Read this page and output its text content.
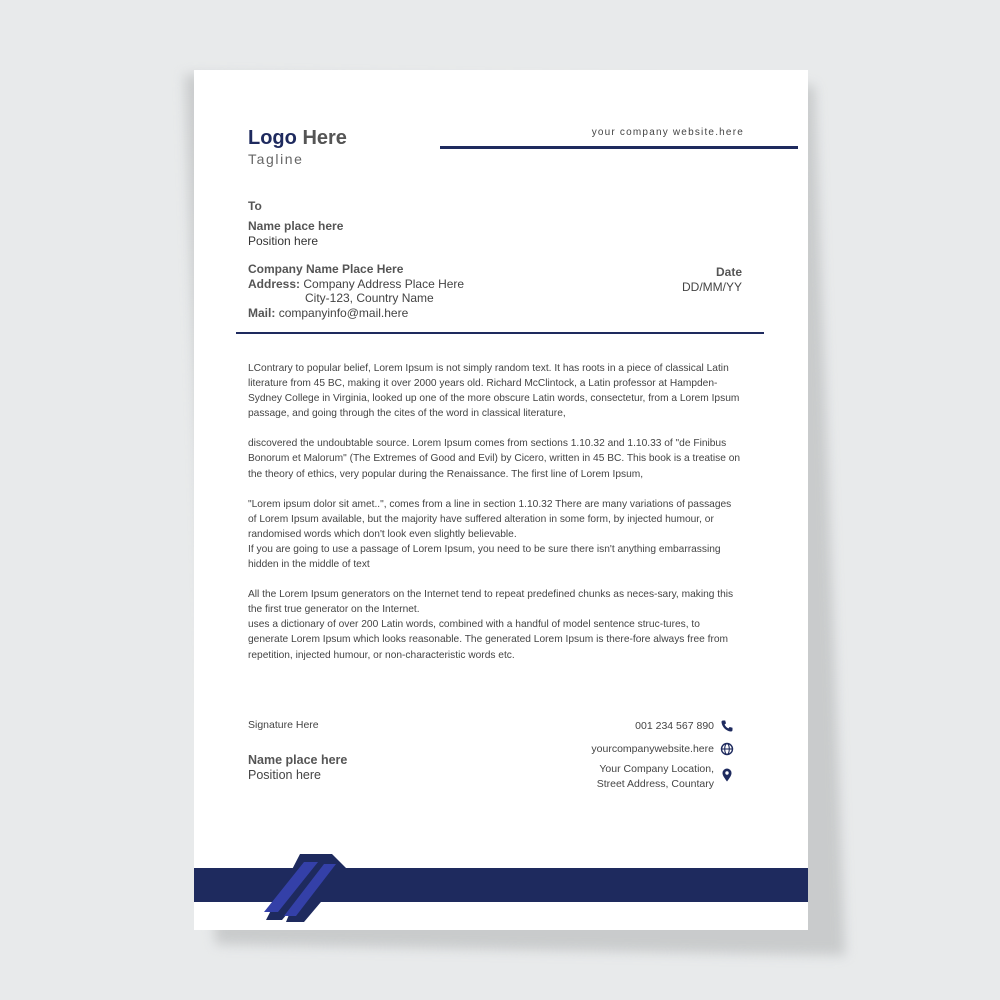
Logo Here
Tagline
your company website.here
To
Name place here
Position here
Company Name Place Here
Address: Company Address Place Here
City-123, Country Name
Mail: companyinfo@mail.here
Date
DD/MM/YY

LContrary to popular belief, Lorem Ipsum is not simply random text. It has roots in a piece of classical Latin literature from 45 BC, making it over 2000 years old. Richard McClintock, a Latin professor at Hampden-Sydney College in Virginia, looked up one of the more obscure Latin words, consectetur, from a Lorem Ipsum passage, and going through the cites of the word in classical literature,

discovered the undoubtable source. Lorem Ipsum comes from sections 1.10.32 and 1.10.33 of "de Finibus Bonorum et Malorum" (The Extremes of Good and Evil) by Cicero, written in 45 BC. This book is a treatise on the theory of ethics, very popular during the Renaissance. The first line of Lorem Ipsum,

"Lorem ipsum dolor sit amet..", comes from a line in section 1.10.32 There are many variations of passages of Lorem Ipsum available, but the majority have suffered alteration in some form, by injected humour, or randomised words which don't look even slightly believable.
If you are going to use a passage of Lorem Ipsum, you need to be sure there isn't anything embarrassing hidden in the middle of text

All the Lorem Ipsum generators on the Internet tend to repeat predefined chunks as neces-sary, making this the first true generator on the Internet.
uses a dictionary of over 200 Latin words, combined with a handful of model sentence struc-tures, to generate Lorem Ipsum which looks reasonable. The generated Lorem Ipsum is there-fore always free from repetition, injected humour, or non-characteristic words etc.

Signature Here
Name place here
Position here
001 234 567 890
yourcompanywebsite.here
Your Company Location,
Street Address, Countary
